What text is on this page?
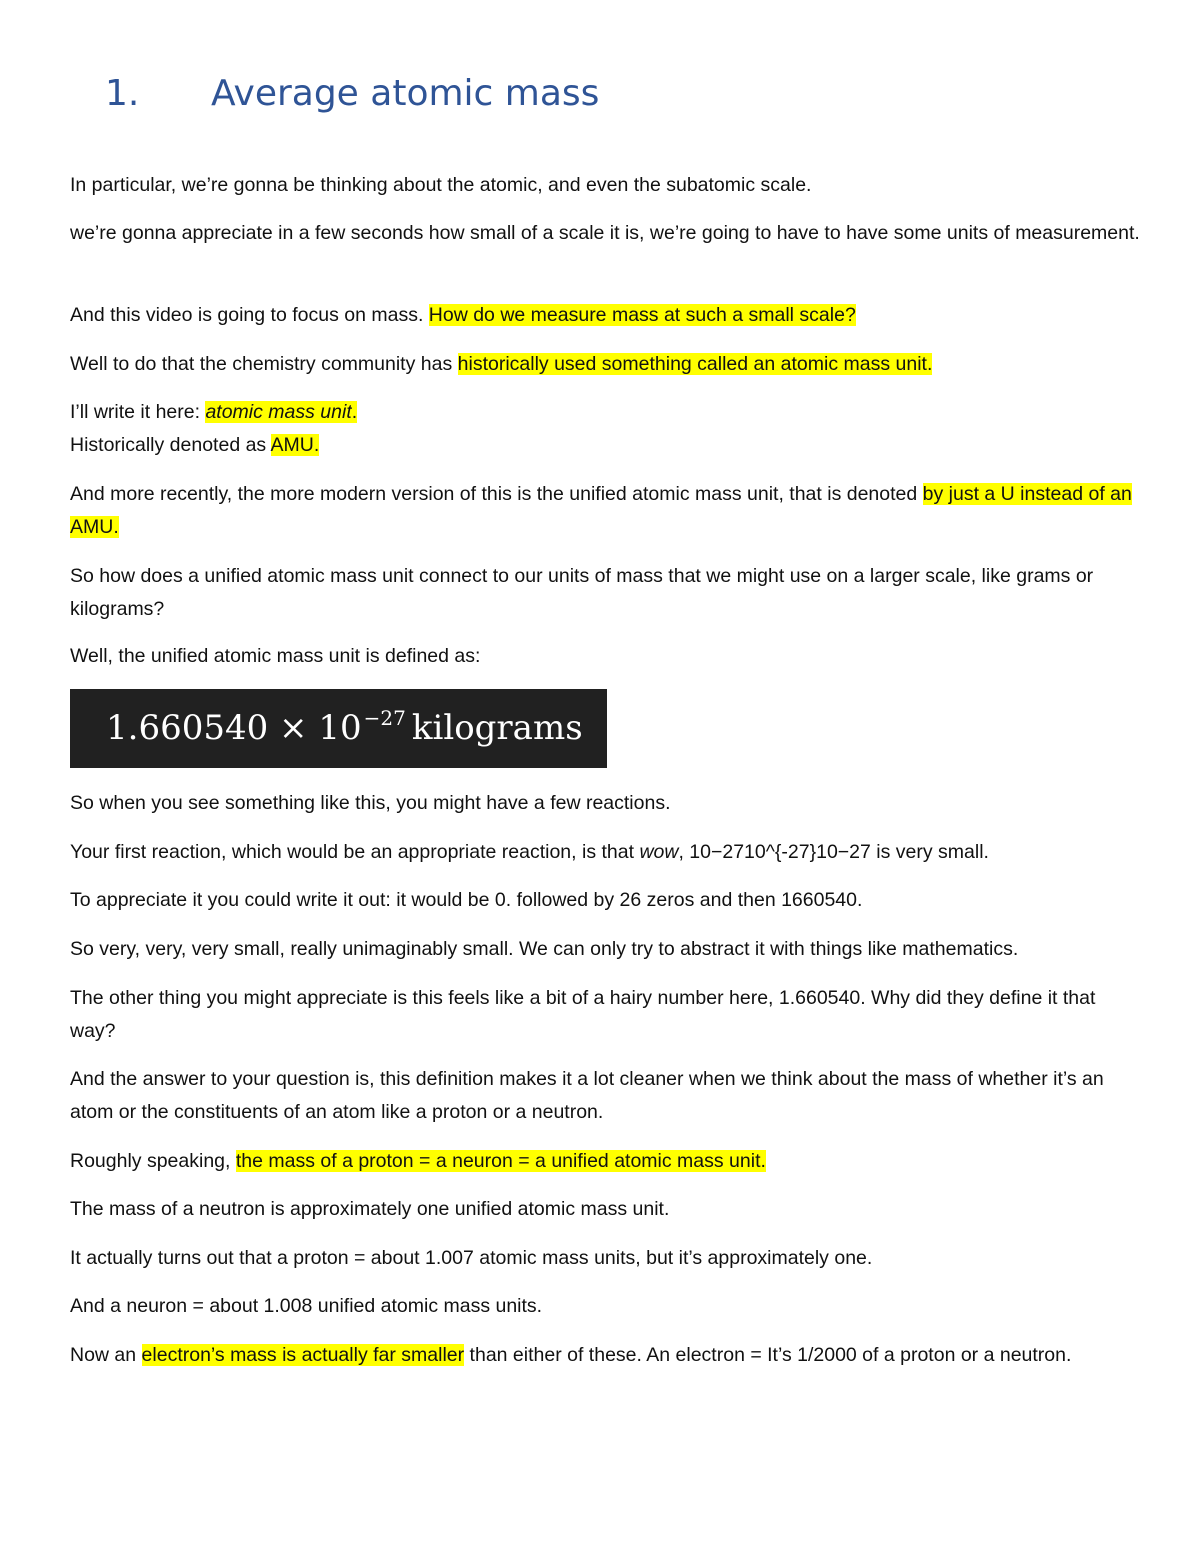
1. Average atomic mass

In particular, we’re gonna be thinking about the atomic, and even the subatomic scale.

we’re gonna appreciate in a few seconds how small of a scale it is, we’re going to have to have some units of measurement.

And this video is going to focus on mass. How do we measure mass at such a small scale?

Well to do that the chemistry community has historically used something called an atomic mass unit.

I’ll write it here: atomic mass unit.

Historically denoted as AMU.

And more recently, the more modern version of this is the unified atomic mass unit, that is denoted by just a U instead of an AMU.

So how does a unified atomic mass unit connect to our units of mass that we might use on a larger scale, like grams or kilograms?

Well, the unified atomic mass unit is defined as:

1.660540 × 10 $^{-27}$ kilograms

So when you see something like this, you might have a few reactions.

Your first reaction, which would be an appropriate reaction, is that wow, 10−2710^{-27}10−27 is very small.

To appreciate it you could write it out: it would be 0. followed by 26 zeros and then 1660540.

So very, very, very small, really unimaginably small. We can only try to abstract it with things like mathematics.

The other thing you might appreciate is this feels like a bit of a hairy number here, 1.660540. Why did they define it that way?

And the answer to your question is, this definition makes it a lot cleaner when we think about the mass of whether it’s an atom or the constituents of an atom like a proton or a neutron.

Roughly speaking, the mass of a proton = a neuron = a unified atomic mass unit.

The mass of a neutron is approximately one unified atomic mass unit.

It actually turns out that a proton = about 1.007 atomic mass units, but it’s approximately one.

And a neuron = about 1.008 unified atomic mass units.

Now an electron’s mass is actually far smaller than either of these. An electron = It’s 1/2000 of a proton or a neutron.
